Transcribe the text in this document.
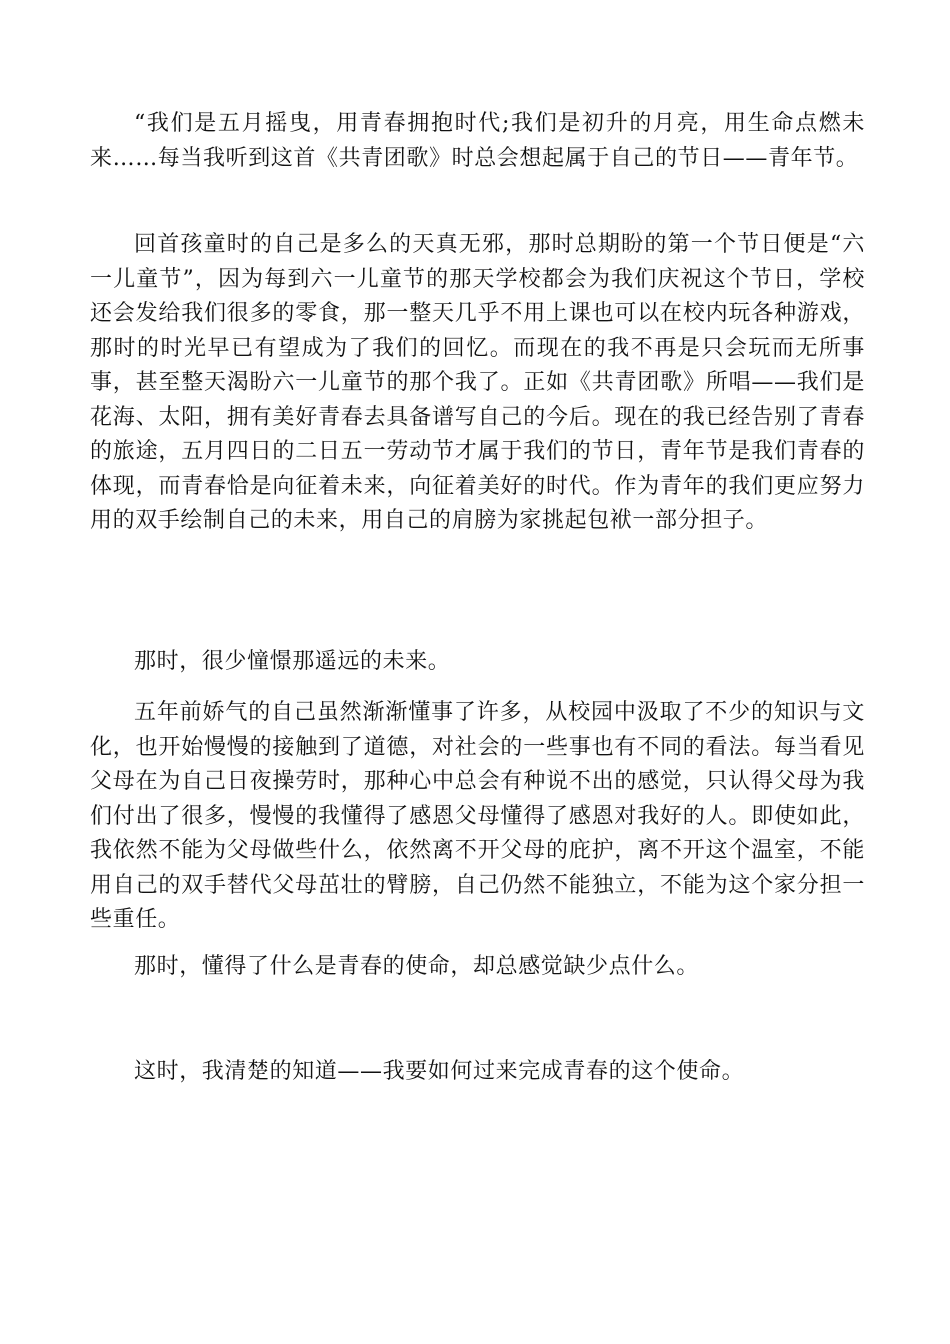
“我们是五月摇曳，用青春拥抱时代;我们是初升的月亮，用生命点燃未来……每当我听到这首《共青团歌》时总会想起属于自己的节日——青年节。

回首孩童时的自己是多么的天真无邪，那时总期盼的第一个节日便是“六一儿童节”，因为每到六一儿童节的那天学校都会为我们庆祝这个节日，学校还会发给我们很多的零食，那一整天几乎不用上课也可以在校内玩各种游戏，那时的时光早已有望成为了我们的回忆。而现在的我不再是只会玩而无所事事，甚至整天渴盼六一儿童节的那个我了。正如《共青团歌》所唱——我们是花海、太阳，拥有美好青春去具备谱写自己的今后。现在的我已经告别了青春的旅途，五月四日的二日五一劳动节才属于我们的节日，青年节是我们青春的体现，而青春恰是向征着未来，向征着美好的时代。作为青年的我们更应努力用的双手绘制自己的未来，用自己的肩膀为家挑起包袱一部分担子。

那时，很少憧憬那遥远的未来。

五年前娇气的自己虽然渐渐懂事了许多，从校园中汲取了不少的知识与文化，也开始慢慢的接触到了道德，对社会的一些事也有不同的看法。每当看见父母在为自己日夜操劳时，那种心中总会有种说不出的感觉，只认得父母为我们付出了很多，慢慢的我懂得了感恩父母懂得了感恩对我好的人。即使如此，我依然不能为父母做些什么，依然离不开父母的庇护，离不开这个温室，不能用自己的双手替代父母茁壮的臂膀，自己仍然不能独立，不能为这个家分担一些重任。

那时，懂得了什么是青春的使命，却总感觉缺少点什么。

这时，我清楚的知道——我要如何过来完成青春的这个使命。
